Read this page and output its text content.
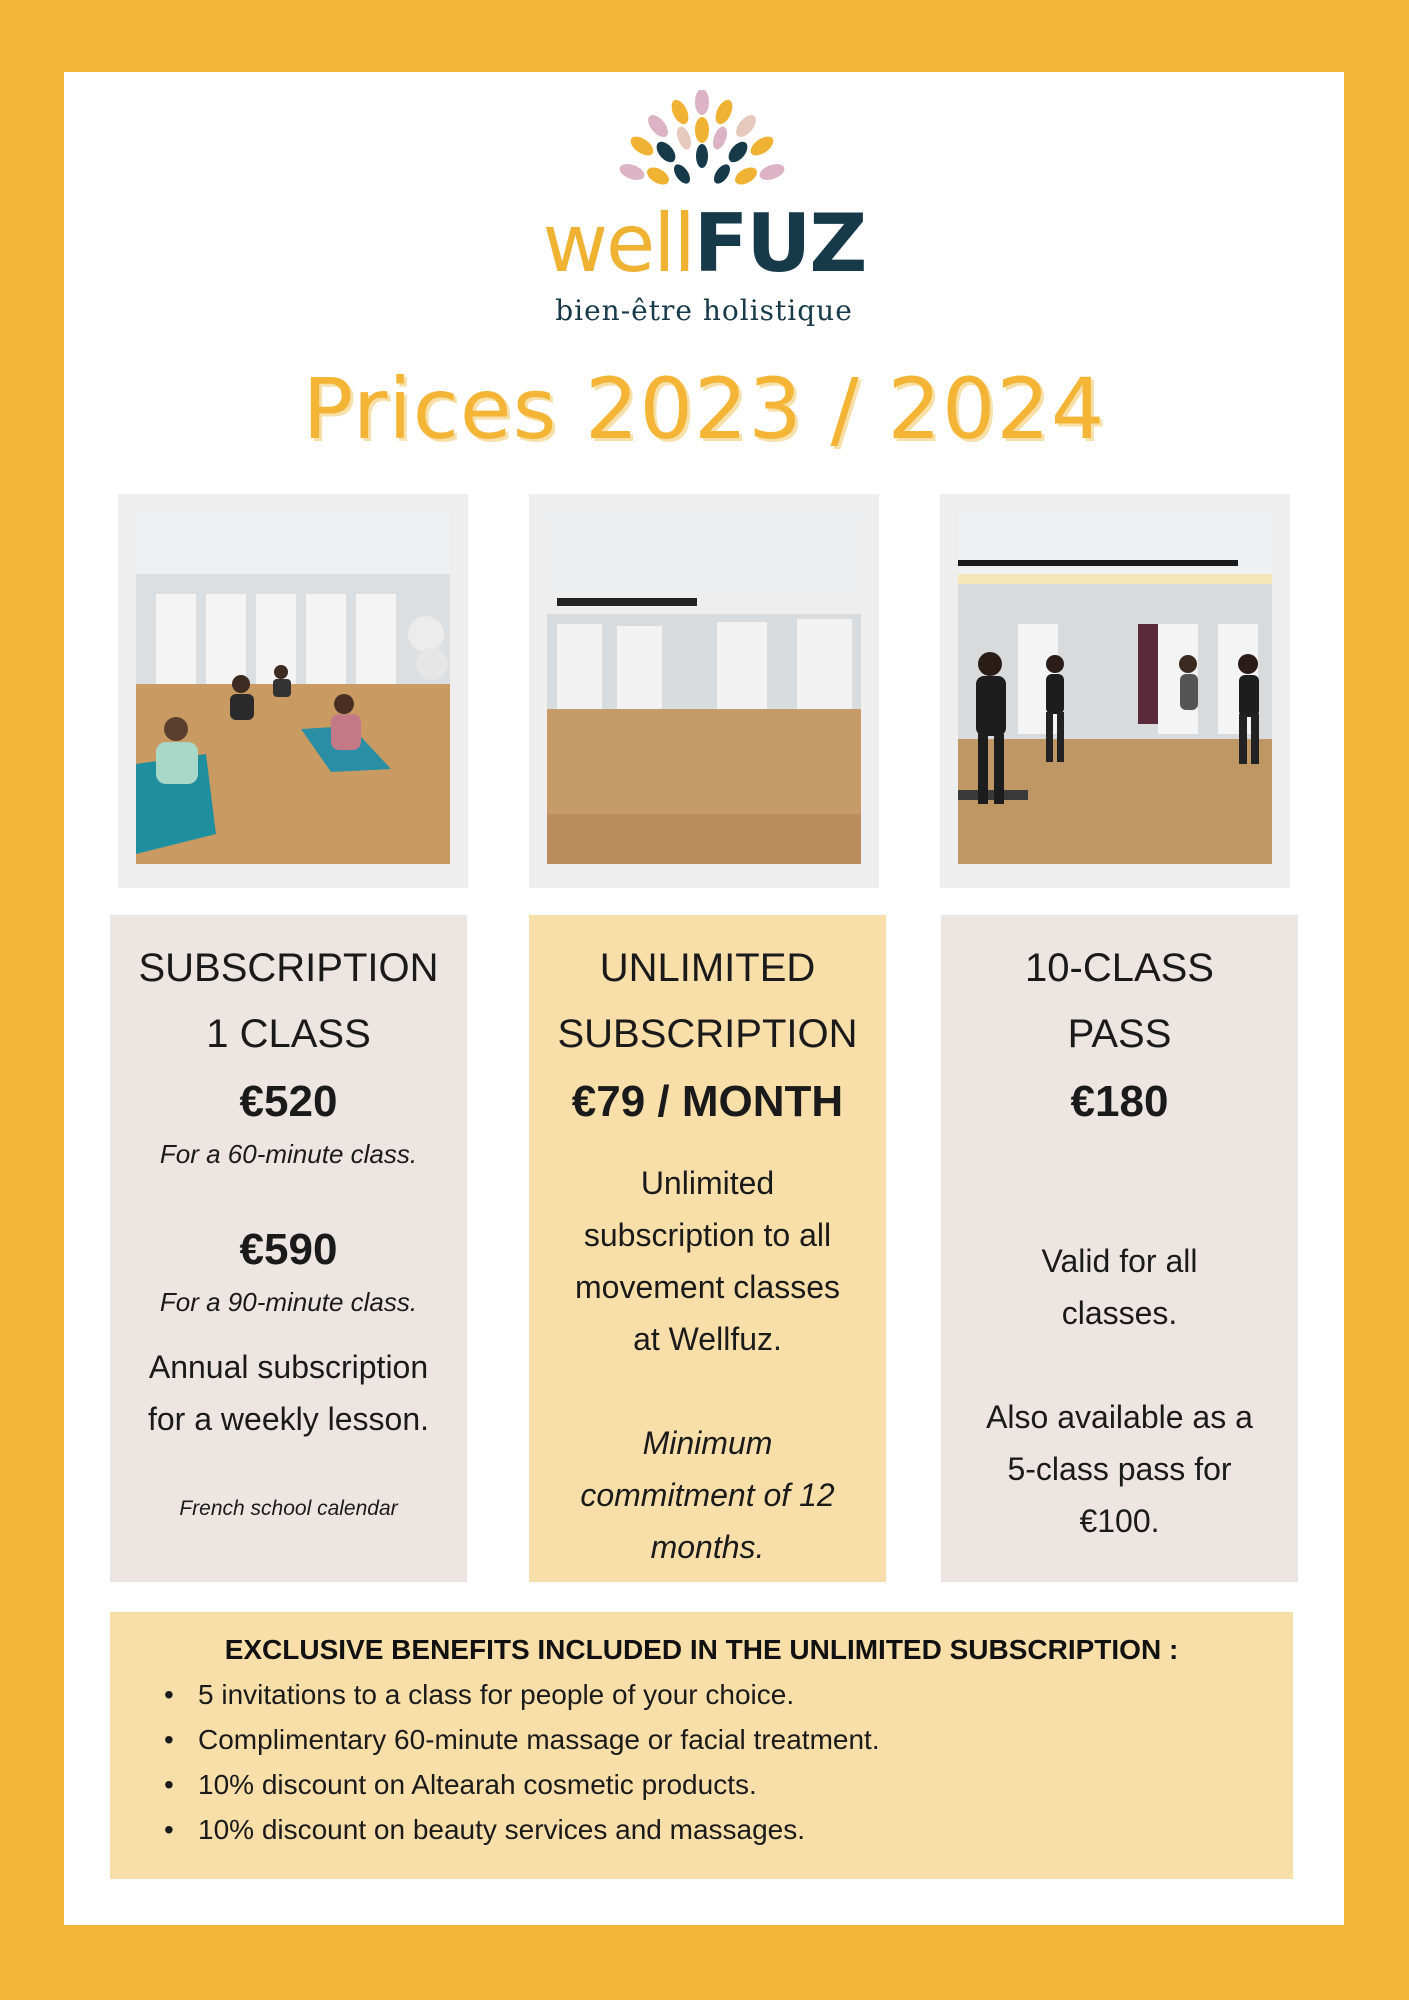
wellFUZ
bien-être holistique
Prices 2023 / 2024
SUBSCRIPTION
1 CLASS
€520
For a 60-minute class.
€590
For a 90-minute class.
Annual subscription
for a weekly lesson.
French school calendar
UNLIMITED
SUBSCRIPTION
€79 / MONTH
Unlimited
subscription to all
movement classes
at Wellfuz.
Minimum
commitment of 12
months.
10-CLASS
PASS
€180
Valid for all
classes.
Also available as a
5-class pass for
€100.
EXCLUSIVE BENEFITS INCLUDED IN THE UNLIMITED SUBSCRIPTION :
• 5 invitations to a class for people of your choice.
• Complimentary 60-minute massage or facial treatment.
• 10% discount on Altearah cosmetic products.
• 10% discount on beauty services and massages.
